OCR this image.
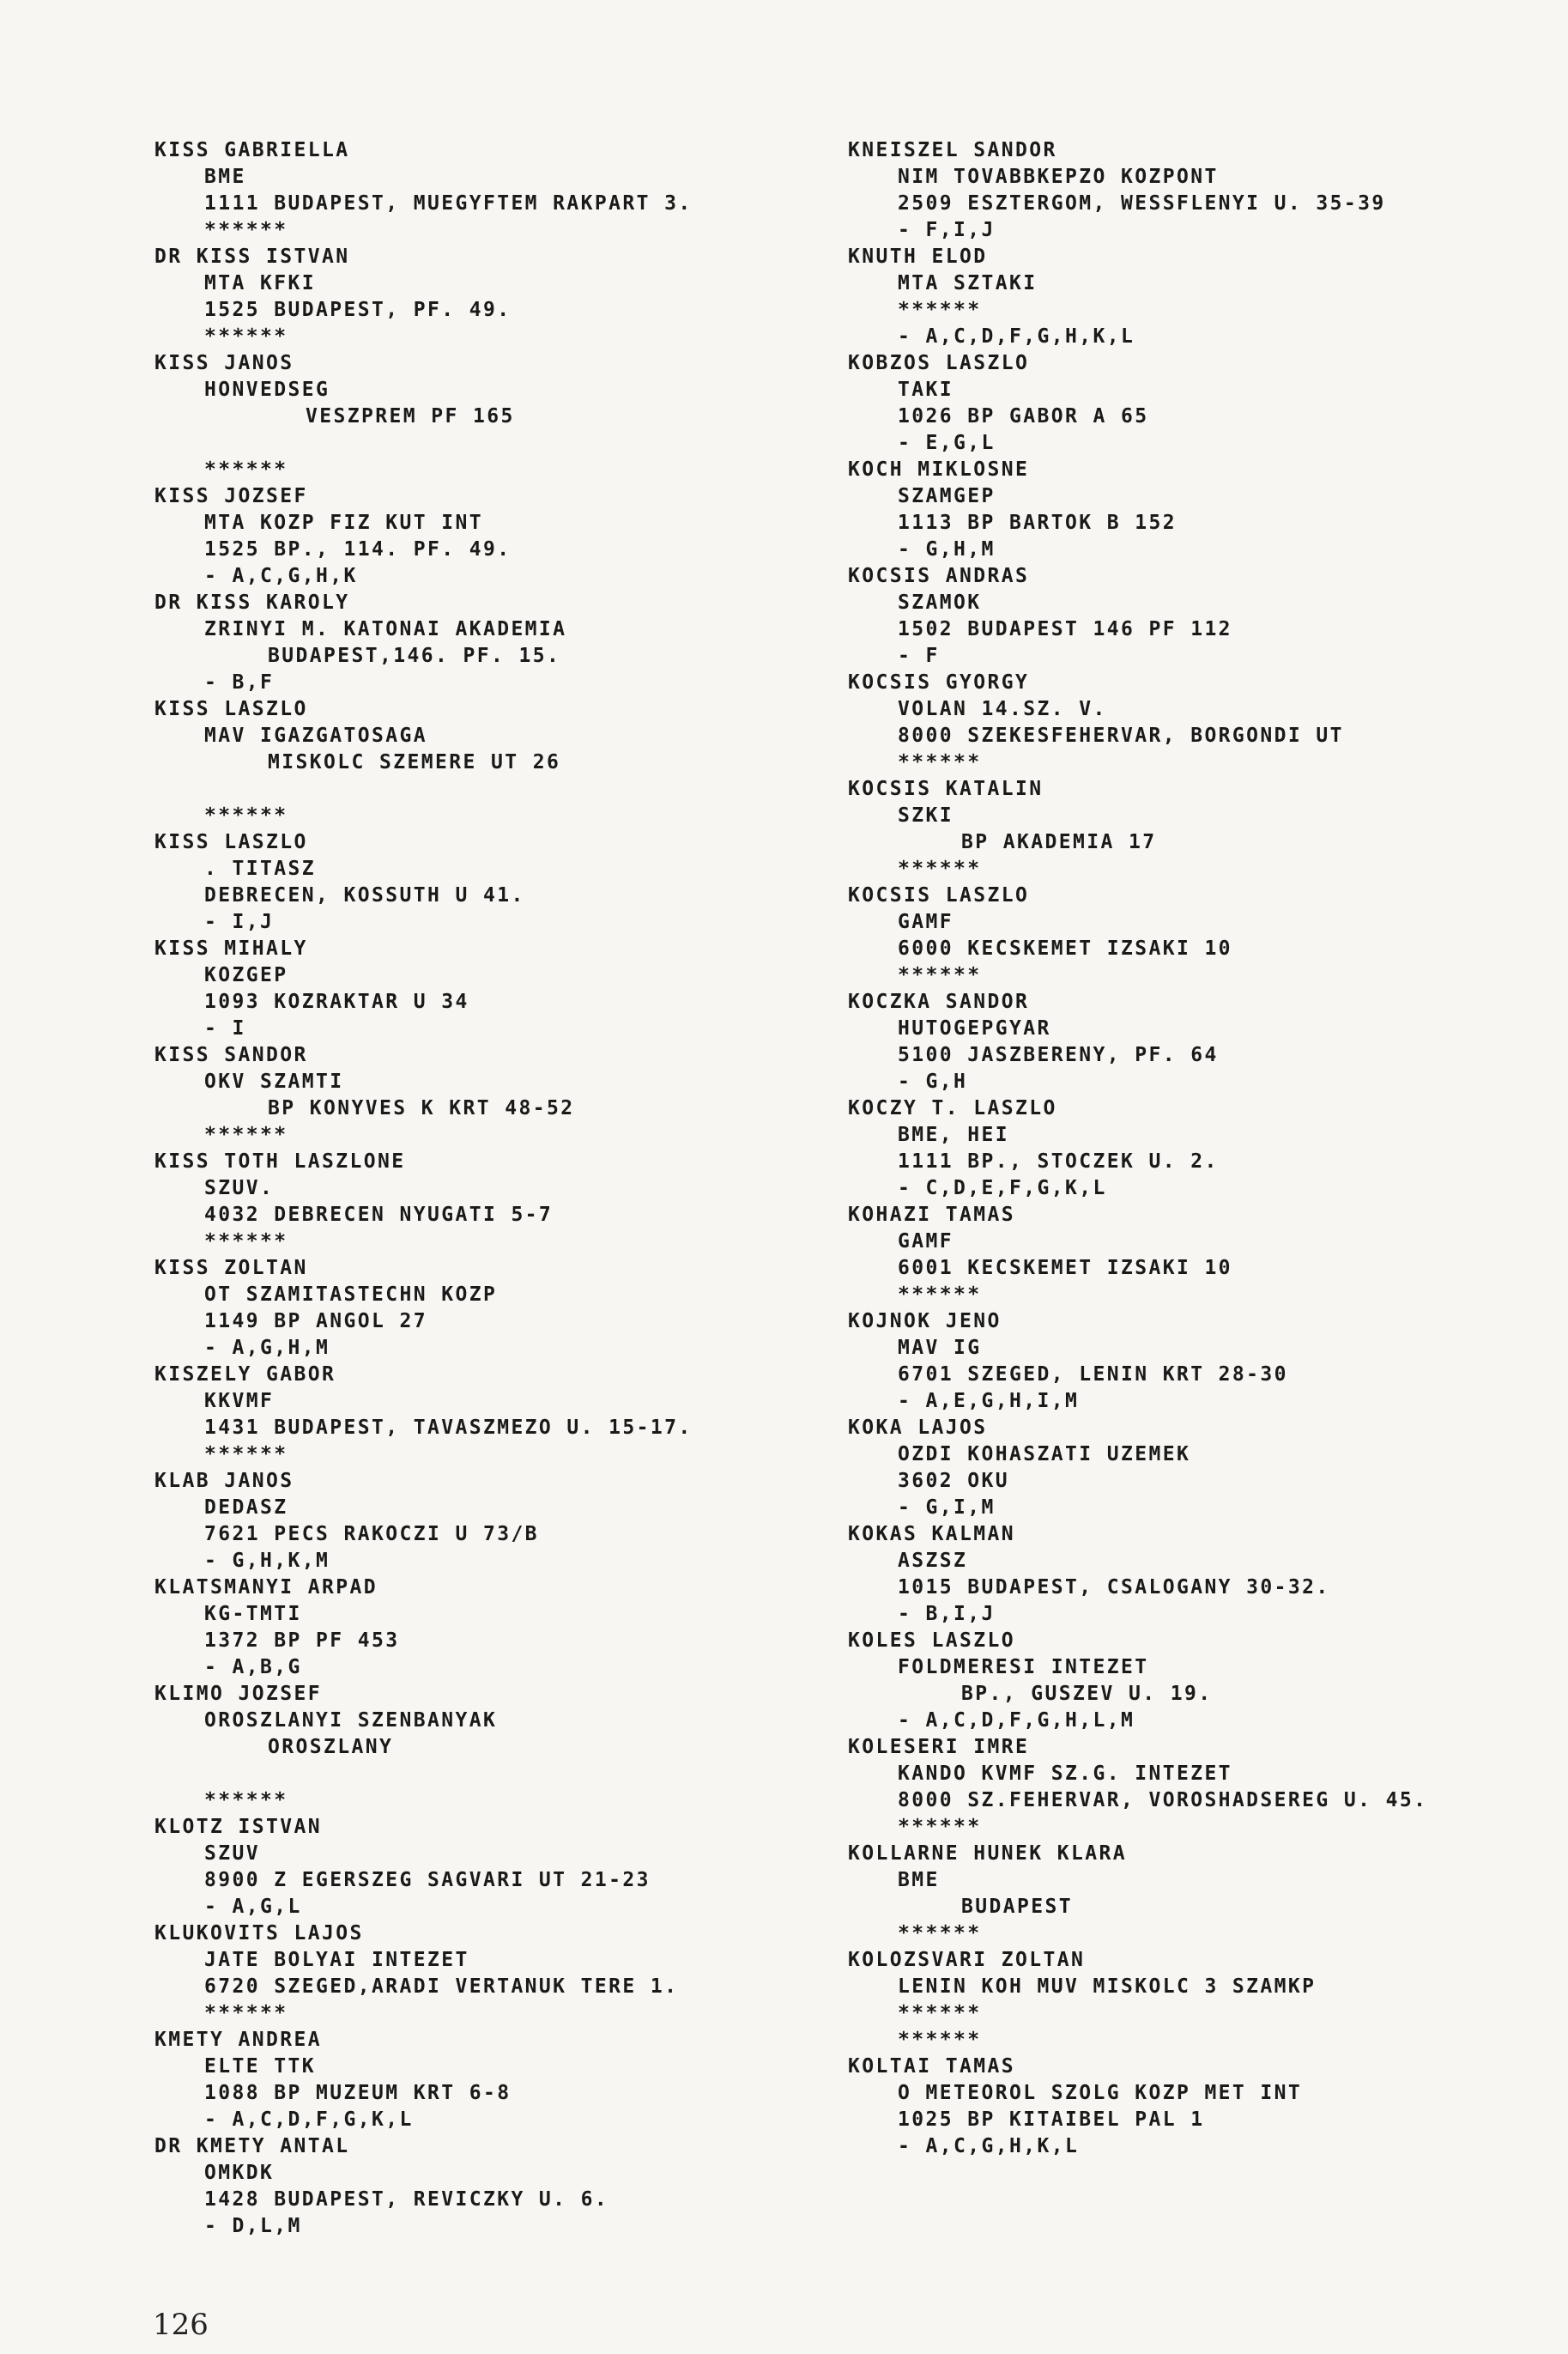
KISS GABRIELLA
BME
1111 BUDAPEST, MUEGYFTEM RAKPART 3.
******
DR KISS ISTVAN
MTA KFKI
1525 BUDAPEST, PF. 49.
******
KISS JANOS
HONVEDSEG
VESZPREM PF 165
******
KISS JOZSEF
MTA KOZP FIZ KUT INT
1525 BP., 114. PF. 49.
- A,C,G,H,K
DR KISS KAROLY
ZRINYI M. KATONAI AKADEMIA
BUDAPEST,146. PF. 15.
- B,F
KISS LASZLO
MAV IGAZGATOSAGA
MISKOLC SZEMERE UT 26
******
KISS LASZLO
. TITASZ
DEBRECEN, KOSSUTH U 41.
- I,J
KISS MIHALY
KOZGEP
1093 KOZRAKTAR U 34
- I
KISS SANDOR
OKV SZAMTI
BP KONYVES K KRT 48-52
******
KISS TOTH LASZLONE
SZUV.
4032 DEBRECEN NYUGATI 5-7
******
KISS ZOLTAN
OT SZAMITASTECHN KOZP
1149 BP ANGOL 27
- A,G,H,M
KISZELY GABOR
KKVMF
1431 BUDAPEST, TAVASZMEZO U. 15-17.
******
KLAB JANOS
DEDASZ
7621 PECS RAKOCZI U 73/B
- G,H,K,M
KLATSMANYI ARPAD
KG-TMTI
1372 BP PF 453
- A,B,G
KLIMO JOZSEF
OROSZLANYI SZENBANYAK
OROSZLANY
******
KLOTZ ISTVAN
SZUV
8900 Z EGERSZEG SAGVARI UT 21-23
- A,G,L
KLUKOVITS LAJOS
JATE BOLYAI INTEZET
6720 SZEGED,ARADI VERTANUK TERE 1.
******
KMETY ANDREA
ELTE TTK
1088 BP MUZEUM KRT 6-8
- A,C,D,F,G,K,L
DR KMETY ANTAL
OMKDK
1428 BUDAPEST, REVICZKY U. 6.
- D,L,M
KNEISZEL SANDOR
NIM TOVABBKEPZO KOZPONT
2509 ESZTERGOM, WESSFLENYI U. 35-39
- F,I,J
KNUTH ELOD
MTA SZTAKI
******
- A,C,D,F,G,H,K,L
KOBZOS LASZLO
TAKI
1026 BP GABOR A 65
- E,G,L
KOCH MIKLOSNE
SZAMGEP
1113 BP BARTOK B 152
- G,H,M
KOCSIS ANDRAS
SZAMOK
1502 BUDAPEST 146 PF 112
- F
KOCSIS GYORGY
VOLAN 14.SZ. V.
8000 SZEKESFEHERVAR, BORGONDI UT
******
KOCSIS KATALIN
SZKI
BP AKADEMIA 17
******
KOCSIS LASZLO
GAMF
6000 KECSKEMET IZSAKI 10
******
KOCZKA SANDOR
HUTOGEPGYAR
5100 JASZBERENY, PF. 64
- G,H
KOCZY T. LASZLO
BME, HEI
1111 BP., STOCZEK U. 2.
- C,D,E,F,G,K,L
KOHAZI TAMAS
GAMF
6001 KECSKEMET IZSAKI 10
******
KOJNOK JENO
MAV IG
6701 SZEGED, LENIN KRT 28-30
- A,E,G,H,I,M
KOKA LAJOS
OZDI KOHASZATI UZEMEK
3602 OKU
- G,I,M
KOKAS KALMAN
ASZSZ
1015 BUDAPEST, CSALOGANY 30-32.
- B,I,J
KOLES LASZLO
FOLDMERESI INTEZET
BP., GUSZEV U. 19.
- A,C,D,F,G,H,L,M
KOLESERI IMRE
KANDO KVMF SZ.G. INTEZET
8000 SZ.FEHERVAR, VOROSHADSEREG U. 45.
******
KOLLARNE HUNEK KLARA
BME
BUDAPEST
******
KOLOZSVARI ZOLTAN
LENIN KOH MUV MISKOLC 3 SZAMKP
******
******
KOLTAI TAMAS
O METEOROL SZOLG KOZP MET INT
1025 BP KITAIBEL PAL 1
- A,C,G,H,K,L
126
